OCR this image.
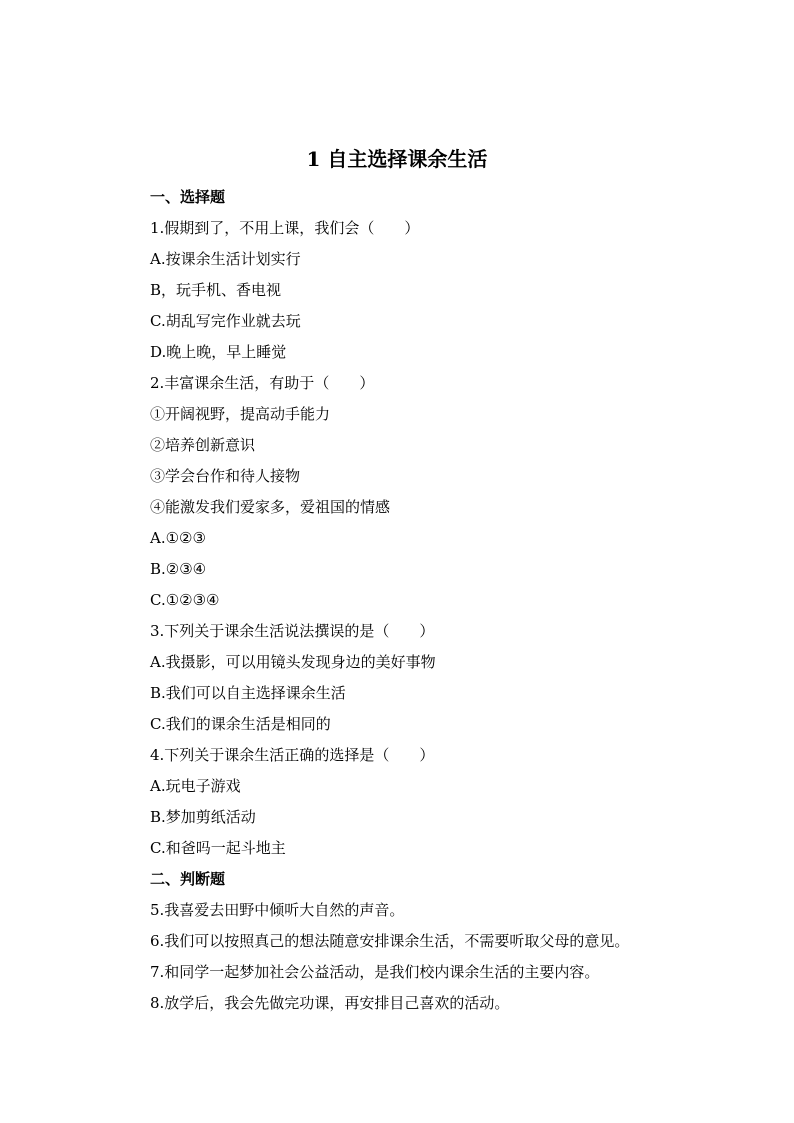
1 自主选择课余生活

一、选择题

1.假期到了，不用上课，我们会（　　）

A.按课余生活计划实行

B，玩手机、香电视

C.胡乱写完作业就去玩

D.晚上晚，早上睡觉

2.丰富课余生活，有助于（　　）

①开阔视野，提高动手能力

②培养创新意识

③学会台作和待人接物

④能激发我们爱家多，爱祖国的情感

A.①②③

B.②③④

C.①②③④

3.下列关于课余生活说法撰误的是（　　）

A.我摄影，可以用镜头发现身边的美好事物

B.我们可以自主选择课余生活

C.我们的课余生活是相同的

4.下列关于课余生活正确的选择是（　　）

A.玩电子游戏

B.梦加剪纸活动

C.和爸吗一起斗地主

二、判断题

5.我喜爱去田野中倾听大自然的声音。

6.我们可以按照真己的想法随意安排课余生活，不需要听取父母的意见。

7.和同学一起梦加社会公益活动，是我们校内课余生活的主要内容。

8.放学后，我会先做完功课，再安排目己喜欢的活动。
